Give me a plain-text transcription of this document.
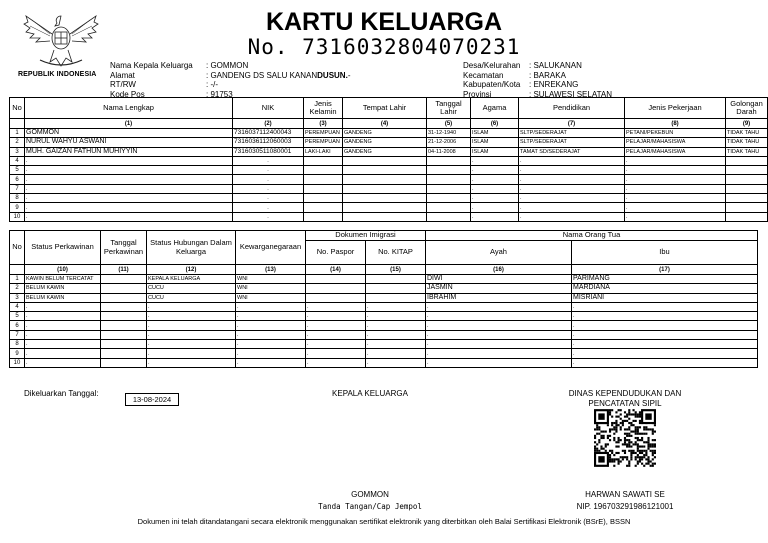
REPUBLIK INDONESIA
KARTU KELUARGA
No. 7316032804070231
Nama Kepala Keluarga	: GOMMON
Alamat	: GANDENG DS SALU KANAN DUSUN. -
RT/RW	: -/-
Kode Pos	: 91753
Desa/Kelurahan	: SALUKANAN
Kecamatan	: BARAKA
Kabupaten/Kota	: ENREKANG
Provinsi	: SULAWESI SELATAN
No	Nama Lengkap	NIK	Jenis Kelamin	Tempat Lahir	Tanggal Lahir	Agama	Pendidikan	Jenis Pekerjaan	Golongan Darah
	(1)	(2)	(3)	(4)	(5)	(6)	(7)	(8)	(9)
1	GOMMON	7316037112400043	PEREMPUAN	GANDENG	31-12-1940	ISLAM	SLTP/SEDERAJAT	PETANI/PEKEBUN	TIDAK TAHU
2	NURUL WAHYU ASWANI	7316036112060003	PEREMPUAN	GANDENG	21-12-2006	ISLAM	SLTP/SEDERAJAT	PELAJAR/MAHASISWA	TIDAK TAHU
3	MUH. GAIZAN FATHUN MUHIYYIN	7316030511080001	LAKI-LAKI	GANDENG	04-11-2008	ISLAM	TAMAT SD/SEDERAJAT	PELAJAR/MAHASISWA	TIDAK TAHU
4	.	.				.	.	.	
5	.	.				.	.	.	
6	.	.				.	.	.	
7	.	.				.	.	.	
8	.	.				.	.	.	
9	.	.				.	.	.	
10	.	.				.	.	.	
No	Status Perkawinan	Tanggal Perkawinan	Status Hubungan Dalam Keluarga	Kewarganegaraan	Dokumen Imigrasi		Nama Orang Tua	
					No. Paspor	No. KITAP	Ayah	Ibu
	(10)	(11)	(12)	(13)	(14)	(15)	(16)	(17)
1	KAWIN BELUM TERCATAT		KEPALA KELUARGA	WNI			DIWI	PARIMANG
2	BELUM KAWIN		CUCU	WNI			JASMIN	MARDIANA
3	BELUM KAWIN		CUCU	WNI			IBRAHIM	MISRIANI
4	.		.	.	.	.	.	.
5	.		.	.	.	.	.	.
6	.		.	.	.	.	.	.
7	.		.	.	.	.	.	.
8	.		.	.	.	.	.	.
9	.		.	.	.	.	.	.
10	.		.	.	.	.	.	.
Dikeluarkan Tanggal:
13-08-2024
KEPALA KELUARGA	DINAS KEPENDUDUKAN DAN
PENCATATAN SIPIL
GOMMON
Tanda Tangan/Cap Jempol
HARWAN SAWATI SE
NIP. 196703291986121001
Dokumen ini telah ditandatangani secara elektronik menggunakan sertifikat elektronik yang diterbitkan oleh Balai Sertifikasi Elektronik (BSrE), BSSN
